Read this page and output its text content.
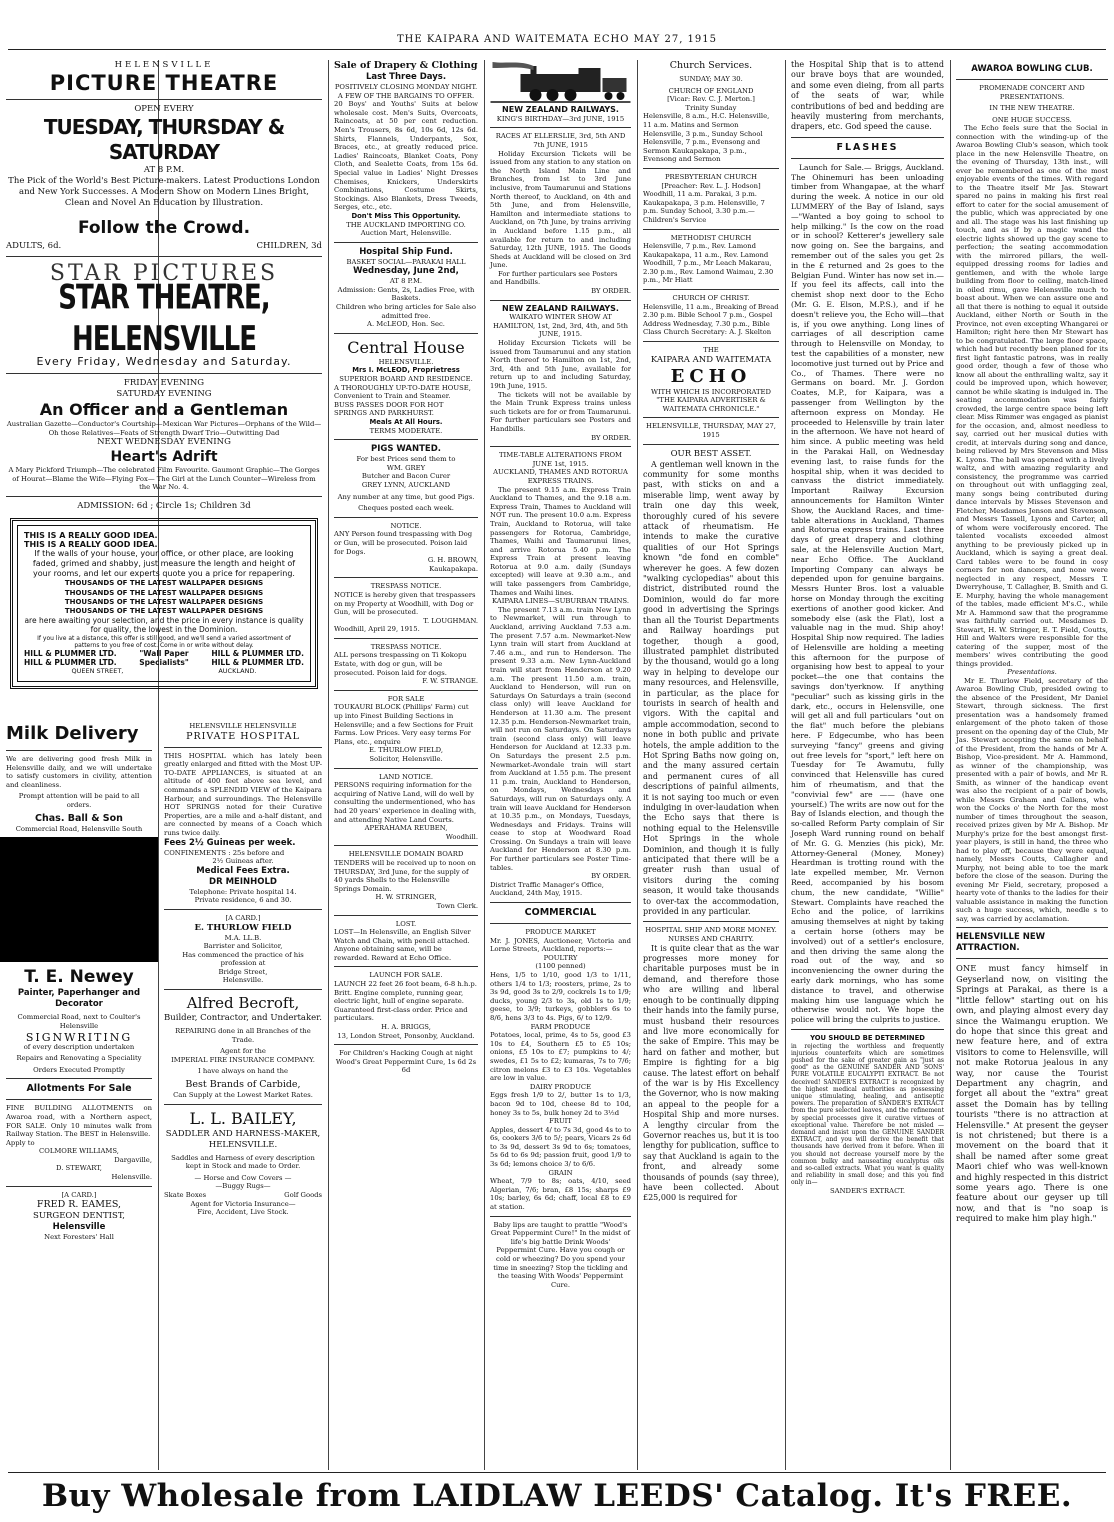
THE KAIPARA AND WAITEMATA ECHO MAY 27, 1915
HELENSVILLE
PICTURE THEATRE
OPEN EVERY
TUESDAY, THURSDAY & SATURDAY
AT 8 P.M.
The Pick of the World's Best Picture-makers. Latest Productions London and New York Successes. A Modern Show on Modern Lines Bright, Clean and Novel An Education by Illustration.
Follow the Crowd.
ADULTS, 6d.	CHILDREN, 3d
STAR PICTURES
STAR THEATRE, HELENSVILLE
Every Friday, Wednesday and Saturday.
FRIDAY EVENING
SATURDAY EVENING
An Officer and a Gentleman
Australian Gazette—Conductor's Courtship—Mexican War Pictures—Orphans of the Wild—Oh those Relatives—Feats of Strength Dwarf Trio—Outwitting Dad
NEXT WEDNESDAY EVENING
Heart's Adrift
A Mary Pickford Triumph—The celebrated Film Favourite. Gaumont Graphic—The Gorges of Hourat—Blame the Wife—Flying Fox— The Girl at the Lunch Counter—Wireless from the War No. 4.
ADMISSION: 6d ; Circle 1s; Children 3d
THIS IS A REALLY GOOD IDEA.
THIS IS A REALLY GOOD IDEA.
If the walls of your house, your office, or other place, are looking faded, grimed and shabby, just measure the length and height of your rooms, and let our experts quote you a price for repapering.
THOUSANDS OF THE LATEST WALLPAPER DESIGNS
THOUSANDS OF THE LATEST WALLPAPER DESIGNS
THOUSANDS OF THE LATEST WALLPAPER DESIGNS
THOUSANDS OF THE LATEST WALLPAPER DESIGNS
are here awaiting your selection, and the price in every instance is quality for quality, the lowest in the Dominion.
If you live at a distance, this offer is still good, and we'll send a varied assortment of patterns to you free of cost. Come in or write without delay.
HILL & PLUMMER LTD.	"Wall Paper	HILL & PLUMMER LTD.
HILL & PLUMMER LTD.	Specialists"	HILL & PLUMMER LTD.
QUEEN STREET,	AUCKLAND.
Milk Delivery
We are delivering good fresh Milk in Helensville daily, and we will undertake to satisfy customers in civility, attention and cleanliness.
Prompt attention will be paid to all orders.
Chas. Ball & Son
Commercial Road, Helensville South
T. E. Newey
Painter, Paperhanger and Decorator
Commercial Road, next to Coulter's Helensville
SIGNWRITING
of every description undertaken
Repairs and Renovating a Speciality
Orders Executed Promptly
Allotments For Sale
FINE BUILDING ALLOTMENTS on Awaroa road, with a Northern aspect, FOR SALE. Only 10 minutes walk from Railway Station. The BEST in Helensville.
Apply to
COLMORE WILLIAMS,
Dargaville,
D. STEWART,
Helensville.
[A CARD.]
FRED R. EAMES,
SURGEON DENTIST,
Helensville
Next Foresters' Hall
HELENSVILLE HELENSVILLE
PRIVATE HOSPITAL
THIS HOSPITAL which has lately been greatly enlarged and fitted with the Most UP-TO-DATE APPLIANCES, is situated at an altitude of 400 feet above sea level, and commands a SPLENDID VIEW of the Kaipara Harbour, and surroundings. The Helensville HOT SPRINGS noted for their Curative Properties, are a mile and a-half distant, and are connected by means of a Coach which runs twice daily.
Fees 2½ Guineas per week.
CONFINEMENTS : 25s before and
2½ Guineas after.
Medical Fees Extra.
DR MEINHOLD
Telephone: Private hospital 14.
Private residence, 6 and 30.
[A CARD.]
E. THURLOW FIELD
M.A. LL.B.
Barrister and Solicitor,
Has commenced the practice of his profession at
Bridge Street,
Helensville.
Alfred Becroft,
Builder, Contractor, and Undertaker.
REPAIRING done in all Branches of the Trade.
Agent for the
IMPERIAL FIRE INSURANCE COMPANY.
I have always on hand the
Best Brands of Carbide,
Can Supply at the Lowest Market Rates.
L. L. BAILEY,
SADDLER AND HARNESS-MAKER,
HELENSVILLE.
Saddles and Harness of every description kept in Stock and made to Order.
— Horse and Cow Covers —
—Buggy Rugs—
Skate Boxes	Golf Goods
Agent for Victoria Insurance—
Fire, Accident, Live Stock.
Sale of Drapery & Clothing
Last Three Days.
POSITIVELY CLOSING MONDAY NIGHT.
A FEW OF THE BARGAINS TO OFFER.
20 Boys' and Youths' Suits at below wholesale cost. Men's Suits, Overcoats, Raincoats, at 50 per cent reduction. Men's Trousers, 8s 6d, 10s 6d, 12s 6d. Shirts, Flannels, Underpants, Sox, Braces, etc., at greatly reduced price. Ladies' Raincoats, Blanket Coats, Pony Cloth, and Sealette Coats, from 15s 6d. Special value in Ladies' Night Dresses Chemises, Knickers, Underskirts Combinations, Costume Skirts, Stockings. Also Blankets, Dress Tweeds, Serges, etc., etc.
Don't Miss This Opportunity.
THE AUCKLAND IMPORTING CO.
Auction Mart, Helensville.
Hospital Ship Fund.
BASKET SOCIAL—PARAKAI HALL
Wednesday, June 2nd,
AT 8 P.M.
Admission: Gents, 2s, Ladies Free, with Baskets.
Children who bring articles for Sale also admitted free.
A. McLEOD, Hon. Sec.
Central House
HELENSVILLE.
Mrs I. McLEOD, Proprietress
SUPERIOR BOARD AND RESIDENCE.
A THOROUGHLY UP-TO-DATE HOUSE, Convenient to Train and Steamer.
BUSS PASSES DOOR FOR HOT SPRINGS AND PARKHURST.
Meals At All Hours.
TERMS MODERATE.
PIGS WANTED.
For best Prices send them to
WM. GREY
Butcher and Bacon Curer
GREY LYNN, AUCKLAND
Any number at any time, but good Pigs.
Cheques posted each week.
NOTICE.
ANY Person found trespassing with Dog or Gun, will be prosecuted. Poison laid for Dogs.
G. H. BROWN,
Kaukapakapa.
TRESPASS NOTICE.
NOTICE is hereby given that trespassers on my Property at Woodhill, with Dog or Gun, will be prosecuted.
T. LOUGHMAN.
Woodhill, April 29, 1915.
TRESPASS NOTICE.
ALL persons trespassing on Ti Kokopu Estate, with dog or gun, will be prosecuted. Poison laid for dogs.
F. W. STRANGE.
FOR SALE
TOUKAURI BLOCK (Phillips' Farm) cut up into Finest Building Sections in Helensville; and a few Sections for Fruit Farms. Low Prices. Very easy terms For Plans, etc., enquire
E. THURLOW FIELD,
Solicitor, Helensville.
LAND NOTICE.
PERSONS requiring information for the acquiring of Native Land, will do well by consulting the undermentioned, who has had 20 years' experience in dealing with, and attending Native Land Courts.
APERAHAMA REUBEN,
Woodhill.
HELENSVILLE DOMAIN BOARD
TENDERS will be received up to noon on THURSDAY, 3rd June, for the supply of 40 yards Shells to the Helensville Springs Domain.
H. W. STRINGER,
Town Clerk.
LOST.
LOST—In Helensville, an English Silver Watch and Chain, with pencil attached. Anyone obtaining same, will be rewarded. Reward at Echo Office.
LAUNCH FOR SALE.
LAUNCH 22 feet 26 foot beam, 6-8 h.h.p. Britt. Engine complete, running gear, electric light, hull of engine separate. Guaranteed first-class order. Price and particulars.
H. A. BRIGGS,
13, London Street, Ponsonby, Auckland.
For Children's Hacking Cough at night Wood's Great Peppermint Cure, 1s 6d 2s 6d
NEW ZEALAND RAILWAYS.
KING'S BIRTHDAY—3rd JUNE, 1915
RACES AT ELLERSLIE, 3rd, 5th AND 7th JUNE, 1915
Holiday Excursion Tickets will be issued from any station to any station on the North Island Main Line and Branches, from 1st to 3rd June inclusive, from Taumarunui and Stations North thereof, to Auckland, on 4th and 5th June, and from Helensville, Hamilton and intermediate stations to Auckland, on 7th June, by trains arriving in Auckland before 1.15 p.m., all available for return to and including Saturday, 12th JUNE, 1915. The Goods Sheds at Auckland will be closed on 3rd June.
For further particulars see Posters and Handbills.
BY ORDER.
NEW ZEALAND RAILWAYS.
WAIKATO WINTER SHOW AT HAMILTON, 1st, 2nd, 3rd, 4th, and 5th JUNE, 1915.
Holiday Excursion Tickets will be issued from Taumarunui and any station North thereof to Hamilton on 1st, 2nd, 3rd, 4th and 5th June, available for return up to and including Saturday, 19th June, 1915.
The tickets will not be available by the Main Trunk Express trains unless such tickets are for or from Taumarunui. For further particulars see Posters and Handbills.
BY ORDER.
TIME-TABLE ALTERATIONS FROM JUNE 1st, 1915.
AUCKLAND, THAMES AND ROTORUA EXPRESS TRAINS.
The present 9.15 a.m. Express Train Auckland to Thames, and the 9.18 a.m. Express Train, Thames to Auckland will NOT run. The present 10.0 a.m. Express Train, Auckland to Rotorua, will take passengers for Rotorua, Cambridge, Thames, Waihi and Taumarunui lines, and arrive Rotorua 5.40 p.m. The Express Train at present leaving Rotorua at 9.0 a.m. daily (Sundays excepted) will leave at 9.30 a.m., and will take passengers from Cambridge, Thames and Waihi lines.
KAIPARA LINES—SUBURBAN TRAINS.
The present 7.13 a.m. train New Lynn to Newmarket, will run through to Auckland, arriving Auckland 7.53 a.m. The present 7.57 a.m. Newmarket-New Lynn train will start from Auckland at 7.46 a.m., and run to Henderson. The present 9.33 a.m. New Lynn-Auckland train will start from Henderson at 9.20 a.m. The present 11.50 a.m. train, Auckland to Henderson, will run on Saturdays On Saturdays a train (second class only) will leave Auckland for Henderson at 11.30 a.m. The present 12.35 p.m. Henderson-Newmarket train, will not run on Saturdays. On Saturdays train (second class only) will leave Henderson for Auckland at 12.33 p.m. On Saturdays the present 2.5 p.m. Newmarket-Avondale train will start from Auckland at 1.55 p.m. The present 11 p.m. train, Auckland to Henderson, on Mondays, Wednesdays and Saturdays, will run on Saturdays only. A train will leave Auckland for Henderson at 10.35 p.m., on Mondays, Tuesdays, Wednesdays and Fridays. Trains will cease to stop at Woodward Road Crossing. On Sundays a train will leave Auckland for Henderson at 8.30 p.m. For further particulars see Poster Time-tables.
BY ORDER.
District Traffic Manager's Office, Auckland, 24th May, 1915.
COMMERCIAL
PRODUCE MARKET
Mr. J. JONES, Auctioneer, Victoria and Lorne Streets, Auckland, reports:—
POULTRY
(1100 penned)
Hens, 1/5 to 1/10, good 1/3 to 1/11, others 1/4 to 1/3; roosters, prime, 2s to 3s 9d, good 3s to 2/9, cockrels 1s to 1/9; ducks, young 2/3 to 3s, old 1s to 1/9; geese, to 3/9; turkeys, gobblers 6s to 8/6, hens 3/3 to 4s. Pigs, 6/ to 12/9.
FARM PRODUCE
Potatoes, local, prime, 4s to 5s, good £3 10s to £4, Southern £5 to £5 10s; onions, £5 10s to £7; pumpkins to 4/; swedes, £1 5s to £2; kumaras, 7s to 7/6; citron melons £3 to £3 10s. Vegetables are low in value.
DAIRY PRODUCE
Eggs fresh 1/9 to 2/, butter 1s to 1/3, bacon 9d to 10d, cheese 8d to 10d, honey 3s to 5s, bulk honey 2d to 3½d
FRUIT
Apples, dessert 4/ to 7s 3d, good 4s to to 6s, cookers 3/6 to 5/; pears, Vicars 2s 6d to 3s 9d, dessert 3s 9d to 6s; tomatoes, 5s 6d to 6s 9d; passion fruit, good 1/9 to 3s 6d; lemons choice 3/ to 6/6.
GRAIN
Wheat, 7/9 to 8s; oats, 4/10, seed Algerian, 7/6; bran, £8 15s; sharps £9 10s; barley, 6s 6d; chaff, local £8 to £9 at station.
Baby lips are taught to prattle "Wood's Great Peppermint Cure!" In the midst of life's big battle Drink Woods' Peppermint Cure. Have you cough or cold or wheezing? Do you spend your time in sneezing? Stop the tickling and the teasing With Woods' Peppermint Cure.
Church Services.
SUNDAY; MAY 30.
CHURCH OF ENGLAND
[Vicar: Rev. C. J. Merton.]
Trinity Sunday
Helensville, 8 a.m., H.C. Helensville, 11 a.m. Matins and Sermon Helensville, 3 p.m., Sunday School Helensville, 7 p.m., Evensong and Sermon Kaukapakapa, 3 p.m., Evensong and Sermon
PRESBYTERIAN CHURCH
[Preacher: Rev. L. J. Hodson]
Woodhill, 11 a.m. Parakai, 3 p.m. Kaukapakapa, 3 p.m. Helensville, 7 p.m. Sunday School, 3.30 p.m.—Children's Service
METHODIST CHURCH
Helensville, 7 p.m., Rev. Lamond Kaukapakapa, 11 a.m., Rev. Lamond Woodhill, 7 p.m., Mr Leach Makarau, 2.30 p.m., Rev. Lamond Waimau, 2.30 p.m., Mr Hiatt
CHURCH OF CHRIST.
Helensville, 11 a.m., Breaking of Bread 2.30 p.m. Bible School 7 p.m., Gospel Address Wednesday, 7.30 p.m., Bible Class Church Secretary: A. J. Skelton
THE
KAIPARA AND WAITEMATA
ECHO
WITH WHICH IS INCORPORATED "THE KAIPARA ADVERTISER & WAITEMATA CHRONICLE."
HELENSVILLE, THURSDAY, MAY 27, 1915
OUR BEST ASSET.
A gentleman well known in the community for some months past, with sticks on and a miserable limp, went away by train one day this week, thoroughly cured of his severe attack of rheumatism. He intends to make the curative qualities of our Hot Springs known "de fond en comble" wherever he goes. A few dozen "walking cyclopedias" about this district, distributed round the Dominion, would do far more good in advertising the Springs than all the Tourist Departments and Railway hoardings put together, though a good, illustrated pamphlet distributed by the thousand, would go a long way in helping to develope our many resources, and Helensville, in particular, as the place for tourists in search of health and vigors. With the capital and ample accommodation, second to none in both public and private hotels, the ample addition to the Hot Spring Baths now going on, and the many assured certain and permanent cures of all descriptions of painful ailments, it is not saying too much or even indulging in over-laudation when the Echo says that there is nothing equal to the Helensville Hot Springs in the whole Dominion, and though it is fully anticipated that there will be a greater rush than usual of visitors during the coming season, it would take thousands to over-tax the accommodation, provided in any particular.
HOSPITAL SHIP AND MORE MONEY.
NURSES AND CHARITY.
It is quite clear that as the war progresses more money for charitable purposes must be in demand, and therefore those who are willing and liberal enough to be continually dipping their hands into the family purse, must husband their resources and live more economically for the sake of Empire. This may be hard on father and mother, but Empire is fighting for a big cause. The latest effort on behalf of the war is by His Excellency the Governor, who is now making an appeal to the people for a Hospital Ship and more nurses. A lengthy circular from the Governor reaches us, but it is too lengthy for publication, suffice to say that Auckland is again to the front, and already some thousands of pounds (say three), have been collected. About £25,000 is required for
the Hospital Ship that is to attend our brave boys that are wounded, and some even dieing, from all parts of the seats of war, while contributions of bed and bedding are heavily mustering from merchants, drapers, etc. God speed the cause.
FLASHES
Launch for Sale.— Briggs, Auckland. The Ohinemuri has been unloading timber from Whangapae, at the wharf during the week. A notice in our old LUMMERY of the Bay of Island, says—"Wanted a boy going to school to help milking." Is the cow on the road or in school? Ketterer's jewellery sale now going on. See the bargains, and remember out of the sales you get 2s in the £ returned and 2s goes to the Belgian Fund. Winter has now set in.—If you feel its affects, call into the chemist shop next door to the Echo (Mr. G. E. Elson, M.P.S.), and if he doesn't relieve you, the Echo will—that is, if you owe anything. Long lines of carriages of all description came through to Helensville on Monday, to test the capabilities of a monster, new locomotive just turned out by Price and Co., of Thames. There were no Germans on board. Mr. J. Gordon Coates, M.P., for Kaipara, was a passenger from Wellington by the afternoon express on Monday. He proceeded to Helensville by train later in the afternoon. We have not heard of him since. A public meeting was held in the Parakai Hall, on Wednesday evening last, to raise funds for the hospital ship, when it was decided to canvass the district immediately. Important Railway Excursion announcements for Hamilton Winter Show, the Auckland Races, and time-table alterations in Auckland, Thames and Rotorua express trains. Last three days of great drapery and clothing sale, at the Helensville Auction Mart, near Echo Office. The Auckland Importing Company can always be depended upon for genuine bargains. Messrs Hunter Bros. lost a valuable horse on Monday through the exciting exertions of another good kicker. And somebody else (ask the Flat), lost a valuable nag in the mud. Ship ahoy! Hospital Ship now required. The ladies of Helensville are holding a meeting this afternoon for the purpose of organising how best to appeal to your pocket—the one that contains the savings don'tyerknow. If anything "peculiar" such as kissing girls in the dark, etc., occurs in Helensville, one will get all and full particulars "out on the flat" much before the plebians here. F Edgecumbe, who has been surveying "fancy" greens and giving out free levels for "sport," left here on Tuesday for Te Awamutu, fully convinced that Helensville has cured him of rheumatism, and that the "convivial few" are —— (have one yourself.) The writs are now out for the Bay of Islands election, and though the so-called Reform Party complain of Sir Joseph Ward running round on behalf of Mr. G. G. Menzies (his pick), Mr. Attorney-General (Money, Money) Heardman is trotting round with the late expelled member, Mr. Vernon Reed, accompanied by his bosom chum, the new candidate, "Willie" Stewart. Complaints have reached the Echo and the police, of larrikins amusing themselves at night by taking a certain horse (others may be involved) out of a settler's enclosure, and then driving the same along the road out of the way, and so inconveniencing the owner during the early dark mornings, who has some distance to travel, and otherwise making him use language which he otherwise would not. We hope the police will bring the culprits to justice.
YOU SHOULD BE DETERMINED
in rejecting the worthless and frequently injurious counterfeits which are sometimes pushed for the sake of greater gain as "just as good" as the GENUINE SANDER AND SONS' PURE VOLATILE EUCALYPTI EXTRACT. Be not deceived! SANDER'S EXTRACT is recognized by the highest medical authorities as possessing unique stimulating, healing, and antiseptic powers. The preparation of SANDER'S EXTRACT from the pure selected leaves, and the refinement by special processes give it curative virtues of exceptional value. Therefore be not misled — demand and insist upon the GENUINE SANDER EXTRACT, and you will derive the benefit that thousands have derived from it before. When ill you should not decrease yourself more by the common bulky and nauseating eucalyptus oils and so-called extracts. What you want is quality and reliability in small dose; and this you find only in—
SANDER'S EXTRACT.
AWAROA BOWLING CLUB.
PROMENADE CONCERT AND PRESENTATIONS.
IN THE NEW THEATRE.
ONE HUGE SUCCESS.
The Echo feels sure that the Social in connection with the winding-up of the Awaroa Bowling Club's season, which took place in the new Helensville Theatre, on the evening of Thursday, 13th inst., will ever be remembered as one of the most enjoyable events of the times. With regard to the Theatre itself Mr Jas. Stewart spared no pains in making his first real effort to cater for the social amusement of the public, which was appreciated by one and all. The stage was his last finishing up touch, and as if by a magic wand the electric lights showed up the gay scene to perfection; the seating accommodation with the mirrored pillars, the well-equipped dressing rooms for ladies and gentlemen, and with the whole large building from floor to ceiling, match-lined in oiled rimu, gave Helensville much to boast about. When we can assure one and all that there is nothing to equal it outside Auckland, either North or South in the Province, not even excepting Whangarei or Hamilton; right here then Mr Stewart has to be congratulated. The large floor space, which had but recently been planed for its first light fantastic patrons, was in really good order, though a few of those who know all about the enthralling waltz, say it could be improved upon, which however, cannot be while skating is indulged in. The seating accommodation was fairly crowded, the large centre space being left clear. Miss Rimmer was engaged as pianist for the occasion, and, almost needless to say, carried out her musical duties with credit, at intervals during song and dance, being relieved by Mrs Stevenson and Miss K. Lyons. The ball was opened with a lively waltz, and with amazing regularity and consistency, the programme was carried on throughout out with unflagging zeal, many songs being contributed during dance intervals by Misses Stevenson and Fletcher, Mesdames Jenson and Stevenson, and Messrs Tassell, Lyons and Carter, all of whom were vociferously encored. The talented vocalists exceeded almost anything to be previously picked up in Auckland, which is saying a great deal. Card tables were to be found in cosy corners for non dancers, and none were neglected in any respect, Messrs T. Dwerryhouse, T. Callagher, B. Smith and G. E. Murphy, having the whole management of the tables, made efficient M's.C., while Mr A. Hammond saw that the programme was faithfully carried out. Mesdames D. Stewart, H. W. Stringer, E. T. Field, Coutts, Hill and Walters were responsible for the catering of the supper, most of the members' wives contributing the good things provided.
Presentations.
Mr E. Thurlow Field, secretary of the Awaroa Bowling Club, presided owing to the absence of the President, Mr Daniel Stewart, through sickness. The first presentation was a handsomely framed enlargement of the photo taken of those present on the opening day of the Club, Mr Jas. Stewart accepting the same on behalf of the President, from the hands of Mr A. Bishop, Vice-president. Mr A. Hammond, as winner of the championship, was presented with a pair of bowls, and Mr R. Smith, as winner of the handicap event was also the recipient of a pair of bowls, while Messrs Graham and Callens, who won the Cocks o' the North for the most number of times throughout the season, received prizes given by Mr A. Bishop. Mr Murphy's prize for the best amongst first-year players, is still in hand, the three who had to play off, because they were equal, namely, Messrs Coutts, Callagher and Murphy, not being able to toe the mark before the close of the season. During the evening Mr Field, secretary, proposed a hearty vote of thanks to the ladies for their valuable assistance in making the function such a huge success, which, needle s to say, was carried by acclamation.
HELENSVILLE NEW ATTRACTION.
ONE must fancy himself in Geyserland now, on visiting the Springs at Parakai, as there is a "little fellow" starting out on his own, and playing almost every day since the Waimangu eruption. We do hope that since this great and new feature here, and of extra visitors to come to Helensville, will not make Rotorua jealous in any way, nor cause the Tourist Department any chagrin, and forget all about the "extra" great asset the Domain has by telling tourists "there is no attraction at Helensville." At present the geyser is not christened; but there is a movement on the board that it shall be named after some great Maori chief who was well-known and highly respected in this district some years ago. There is one feature about our geyser up till now, and that is "no soap is required to make him play high."
Buy Wholesale from LAIDLAW LEEDS' Catalog. It's FREE.
